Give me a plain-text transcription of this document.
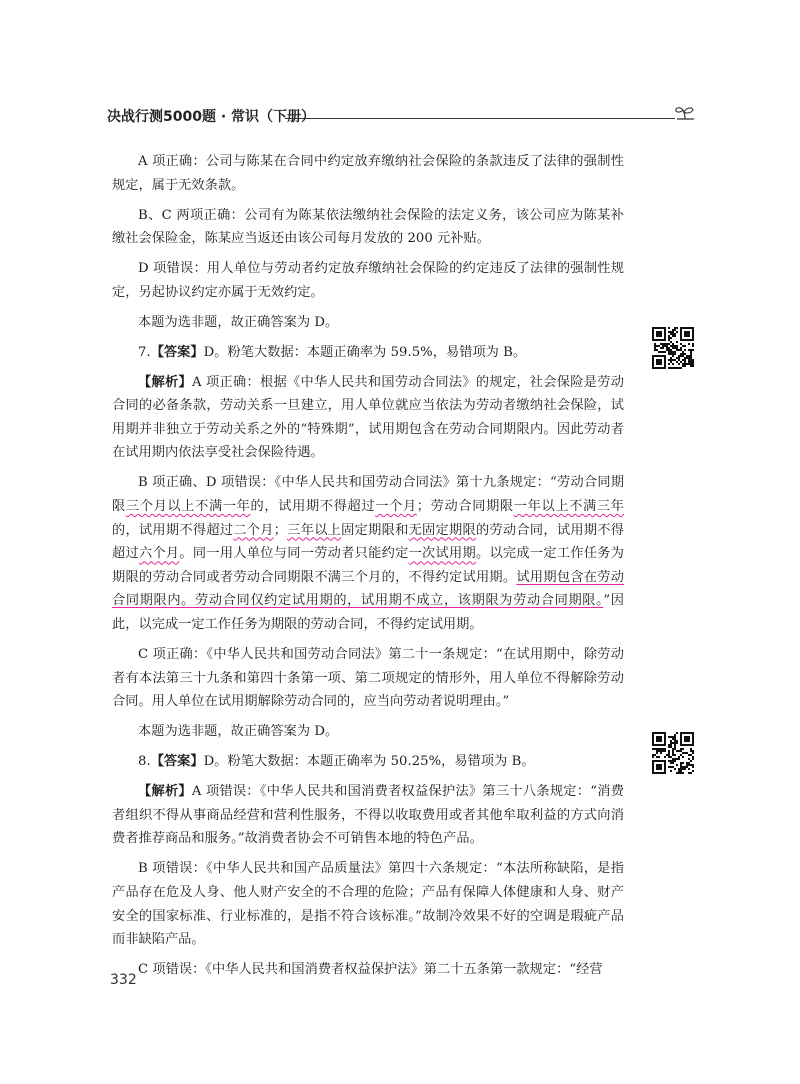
决战行测5000题 · 常识（下册）

A 项正确：公司与陈某在合同中约定放弃缴纳社会保险的条款违反了法律的强制性规定，属于无效条款。

B、C 两项正确：公司有为陈某依法缴纳社会保险的法定义务，该公司应为陈某补缴社会保险金，陈某应当返还由该公司每月发放的 200 元补贴。

D 项错误：用人单位与劳动者约定放弃缴纳社会保险的约定违反了法律的强制性规定，另起协议约定亦属于无效约定。

本题为选非题，故正确答案为 D。

7.【答案】D。粉笔大数据：本题正确率为 59.5%，易错项为 B。

【解析】A 项正确：根据《中华人民共和国劳动合同法》的规定，社会保险是劳动合同的必备条款，劳动关系一旦建立，用人单位就应当依法为劳动者缴纳社会保险，试用期并非独立于劳动关系之外的“特殊期”，试用期包含在劳动合同期限内。因此劳动者在试用期内依法享受社会保险待遇。

B 项正确、D 项错误：《中华人民共和国劳动合同法》第十九条规定：“劳动合同期限三个月以上不满一年的，试用期不得超过一个月；劳动合同期限一年以上不满三年的，试用期不得超过二个月；三年以上固定期限和无固定期限的劳动合同，试用期不得超过六个月。同一用人单位与同一劳动者只能约定一次试用期。以完成一定工作任务为期限的劳动合同或者劳动合同期限不满三个月的，不得约定试用期。试用期包含在劳动合同期限内。劳动合同仅约定试用期的，试用期不成立，该期限为劳动合同期限。”因此，以完成一定工作任务为期限的劳动合同，不得约定试用期。

C 项正确：《中华人民共和国劳动合同法》第二十一条规定：“在试用期中，除劳动者有本法第三十九条和第四十条第一项、第二项规定的情形外，用人单位不得解除劳动合同。用人单位在试用期解除劳动合同的，应当向劳动者说明理由。”

本题为选非题，故正确答案为 D。

8.【答案】D。粉笔大数据：本题正确率为 50.25%，易错项为 B。

【解析】A 项错误：《中华人民共和国消费者权益保护法》第三十八条规定：“消费者组织不得从事商品经营和营利性服务，不得以收取费用或者其他牟取利益的方式向消费者推荐商品和服务。”故消费者协会不可销售本地的特色产品。

B 项错误：《中华人民共和国产品质量法》第四十六条规定：“本法所称缺陷，是指产品存在危及人身、他人财产安全的不合理的危险；产品有保障人体健康和人身、财产安全的国家标准、行业标准的，是指不符合该标准。”故制冷效果不好的空调是瑕疵产品而非缺陷产品。

C 项错误：《中华人民共和国消费者权益保护法》第二十五条第一款规定：“经营

332
